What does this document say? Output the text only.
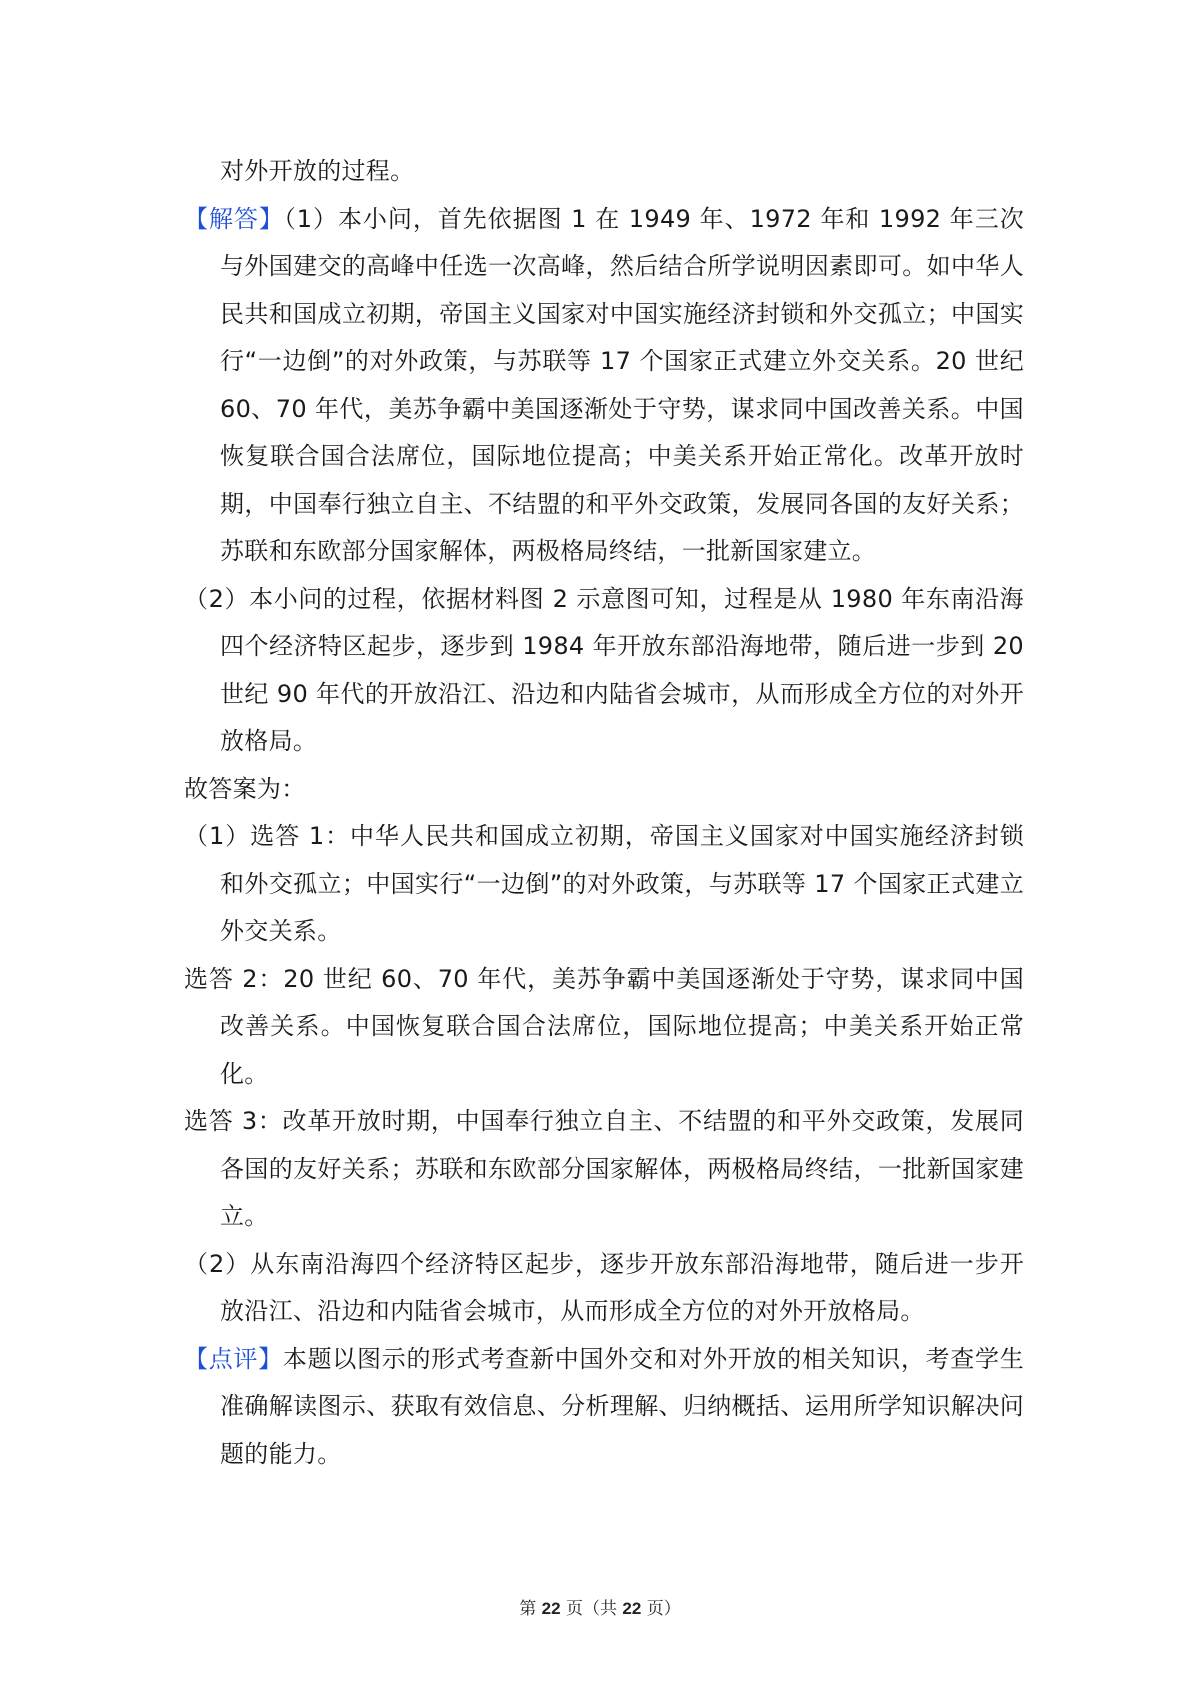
对外开放的过程。

【解答】（1）本小问，首先依据图 1 在 1949 年、1972 年和 1992 年三次与外国建交的高峰中任选一次高峰，然后结合所学说明因素即可。如中华人民共和国成立初期，帝国主义国家对中国实施经济封锁和外交孤立；中国实行“一边倒”的对外政策，与苏联等 17 个国家正式建立外交关系。20 世纪 60、70 年代，美苏争霸中美国逐渐处于守势，谋求同中国改善关系。中国恢复联合国合法席位，国际地位提高；中美关系开始正常化。改革开放时期，中国奉行独立自主、不结盟的和平外交政策，发展同各国的友好关系；苏联和东欧部分国家解体，两极格局终结，一批新国家建立。

（2）本小问的过程，依据材料图 2 示意图可知，过程是从 1980 年东南沿海四个经济特区起步，逐步到 1984 年开放东部沿海地带，随后进一步到 20 世纪 90 年代的开放沿江、沿边和内陆省会城市，从而形成全方位的对外开放格局。

故答案为：

（1）选答 1：中华人民共和国成立初期，帝国主义国家对中国实施经济封锁和外交孤立；中国实行“一边倒”的对外政策，与苏联等 17 个国家正式建立外交关系。

选答 2：20 世纪 60、70 年代，美苏争霸中美国逐渐处于守势，谋求同中国改善关系。中国恢复联合国合法席位，国际地位提高；中美关系开始正常化。

选答 3：改革开放时期，中国奉行独立自主、不结盟的和平外交政策，发展同各国的友好关系；苏联和东欧部分国家解体，两极格局终结，一批新国家建立。

（2）从东南沿海四个经济特区起步，逐步开放东部沿海地带，随后进一步开放沿江、沿边和内陆省会城市，从而形成全方位的对外开放格局。

【点评】本题以图示的形式考查新中国外交和对外开放的相关知识，考查学生准确解读图示、获取有效信息、分析理解、归纳概括、运用所学知识解决问题的能力。

第 22 页（共 22 页）
